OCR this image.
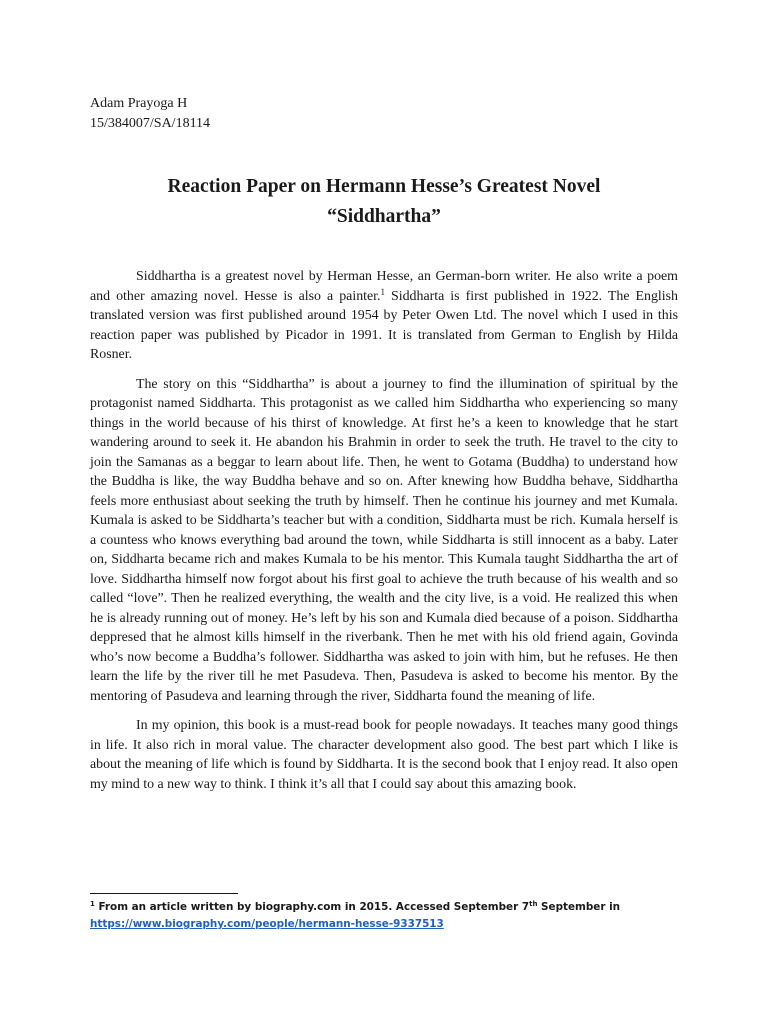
Adam Prayoga H
15/384007/SA/18114
Reaction Paper on Hermann Hesse’s Greatest Novel
“Siddhartha”

Siddhartha is a greatest novel by Herman Hesse, an German-born writer. He also write a poem and other amazing novel. Hesse is also a painter.$^1$ Siddharta is first published in 1922. The English translated version was first published around 1954 by Peter Owen Ltd. The novel which I used in this reaction paper was published by Picador in 1991. It is translated from German to English by Hilda Rosner.

The story on this “Siddhartha” is about a journey to find the illumination of spiritual by the protagonist named Siddharta. This protagonist as we called him Siddhartha who experiencing so many things in the world because of his thirst of knowledge. At first he’s a keen to knowledge that he start wandering around to seek it. He abandon his Brahmin in order to seek the truth. He travel to the city to join the Samanas as a beggar to learn about life. Then, he went to Gotama (Buddha) to understand how the Buddha is like, the way Buddha behave and so on. After knewing how Buddha behave, Siddhartha feels more enthusiast about seeking the truth by himself. Then he continue his journey and met Kumala. Kumala is asked to be Siddharta’s teacher but with a condition, Siddharta must be rich. Kumala herself is a countess who knows everything bad around the town, while Siddharta is still innocent as a baby. Later on, Siddharta became rich and makes Kumala to be his mentor. This Kumala taught Siddhartha the art of love. Siddhartha himself now forgot about his first goal to achieve the truth because of his wealth and so called “love”. Then he realized everything, the wealth and the city live, is a void. He realized this when he is already running out of money. He’s left by his son and Kumala died because of a poison. Siddhartha deppresed that he almost kills himself in the riverbank. Then he met with his old friend again, Govinda who’s now become a Buddha’s follower. Siddhartha was asked to join with him, but he refuses. He then learn the life by the river till he met Pasudeva. Then, Pasudeva is asked to become his mentor. By the mentoring of Pasudeva and learning through the river, Siddharta found the meaning of life.

In my opinion, this book is a must-read book for people nowadays. It teaches many good things in life. It also rich in moral value. The character development also good. The best part which I like is about the meaning of life which is found by Siddharta. It is the second book that I enjoy read. It also open my mind to a new way to think. I think it’s all that I could say about this amazing book.

$^1$ From an article written by biography.com in 2015. Accessed September 7th September in
https://www.biography.com/people/hermann-hesse-9337513
